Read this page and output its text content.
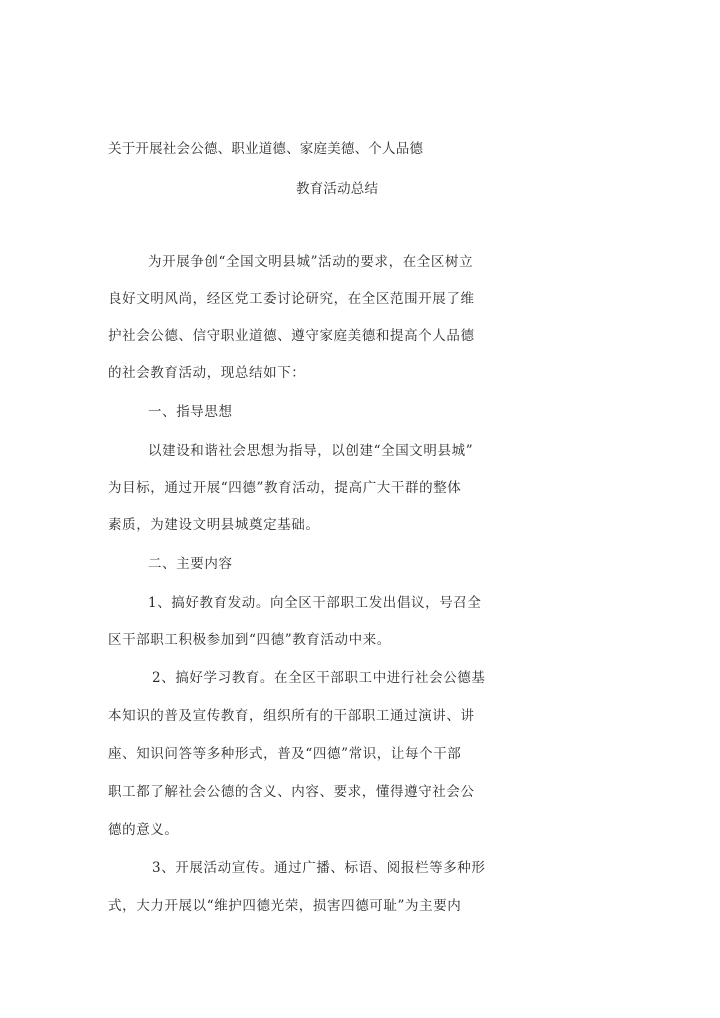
关于开展社会公德、职业道德、家庭美德、个人品德
教育活动总结
为开展争创“全国文明县城”活动的要求，在全区树立
良好文明风尚，经区党工委讨论研究，在全区范围开展了维
护社会公德、信守职业道德、遵守家庭美德和提高个人品德
的社会教育活动，现总结如下：
一、指导思想
以建设和谐社会思想为指导，以创建“全国文明县城”
为目标，通过开展“四德”教育活动，提高广大干群的整体
素质，为建设文明县城奠定基础。
二、主要内容
1、搞好教育发动。向全区干部职工发出倡议，号召全
区干部职工积极参加到“四德”教育活动中来。
2、搞好学习教育。在全区干部职工中进行社会公德基
本知识的普及宣传教育，组织所有的干部职工通过演讲、讲
座、知识问答等多种形式，普及“四德”常识，让每个干部
职工都了解社会公德的含义、内容、要求，懂得遵守社会公
德的意义。
3、开展活动宣传。通过广播、标语、阅报栏等多种形
式，大力开展以“维护四德光荣，损害四德可耻”为主要内
